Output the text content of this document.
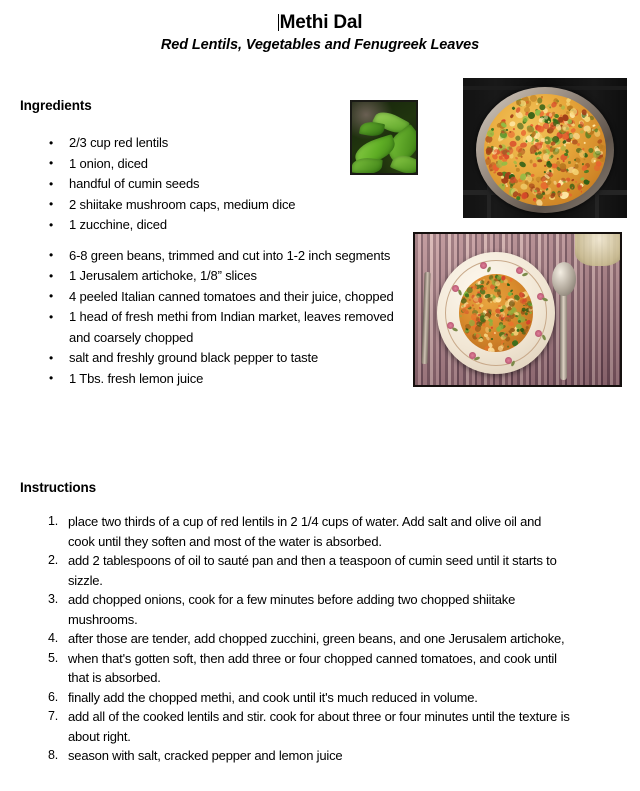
Methi Dal
Red Lentils, Vegetables and Fenugreek Leaves
Ingredients
Instructions
• 2/3 cup red lentils
• 1 onion, diced
• handful of cumin seeds
• 2 shiitake mushroom caps, medium dice
• 1 zucchine, diced
• 6-8 green beans, trimmed and cut into 1-2 inch segments
• 1 Jerusalem artichoke, 1/8” slices
• 4 peeled Italian canned tomatoes and their juice, chopped
• 1 head of fresh methi from Indian market, leaves removed and coarsely chopped
• salt and freshly ground black pepper to taste
• 1 Tbs. fresh lemon juice
1. place two thirds of a cup of red lentils in 2 1/4 cups of water. Add salt and olive oil and cook until they soften and most of the water is absorbed.
2. add 2 tablespoons of oil to sauté pan and then a teaspoon of cumin seed until it starts to sizzle.
3. add chopped onions, cook for a few minutes before adding two chopped shiitake mushrooms.
4. after those are tender, add chopped zucchini, green beans, and one Jerusalem artichoke,
5. when that's gotten soft, then add three or four chopped canned tomatoes, and cook until that is absorbed.
6. finally add the chopped methi, and cook until it's much reduced in volume.
7. add all of the cooked lentils and stir. cook for about three or four minutes until the texture is about right.
8. season with salt, cracked pepper and lemon juice
